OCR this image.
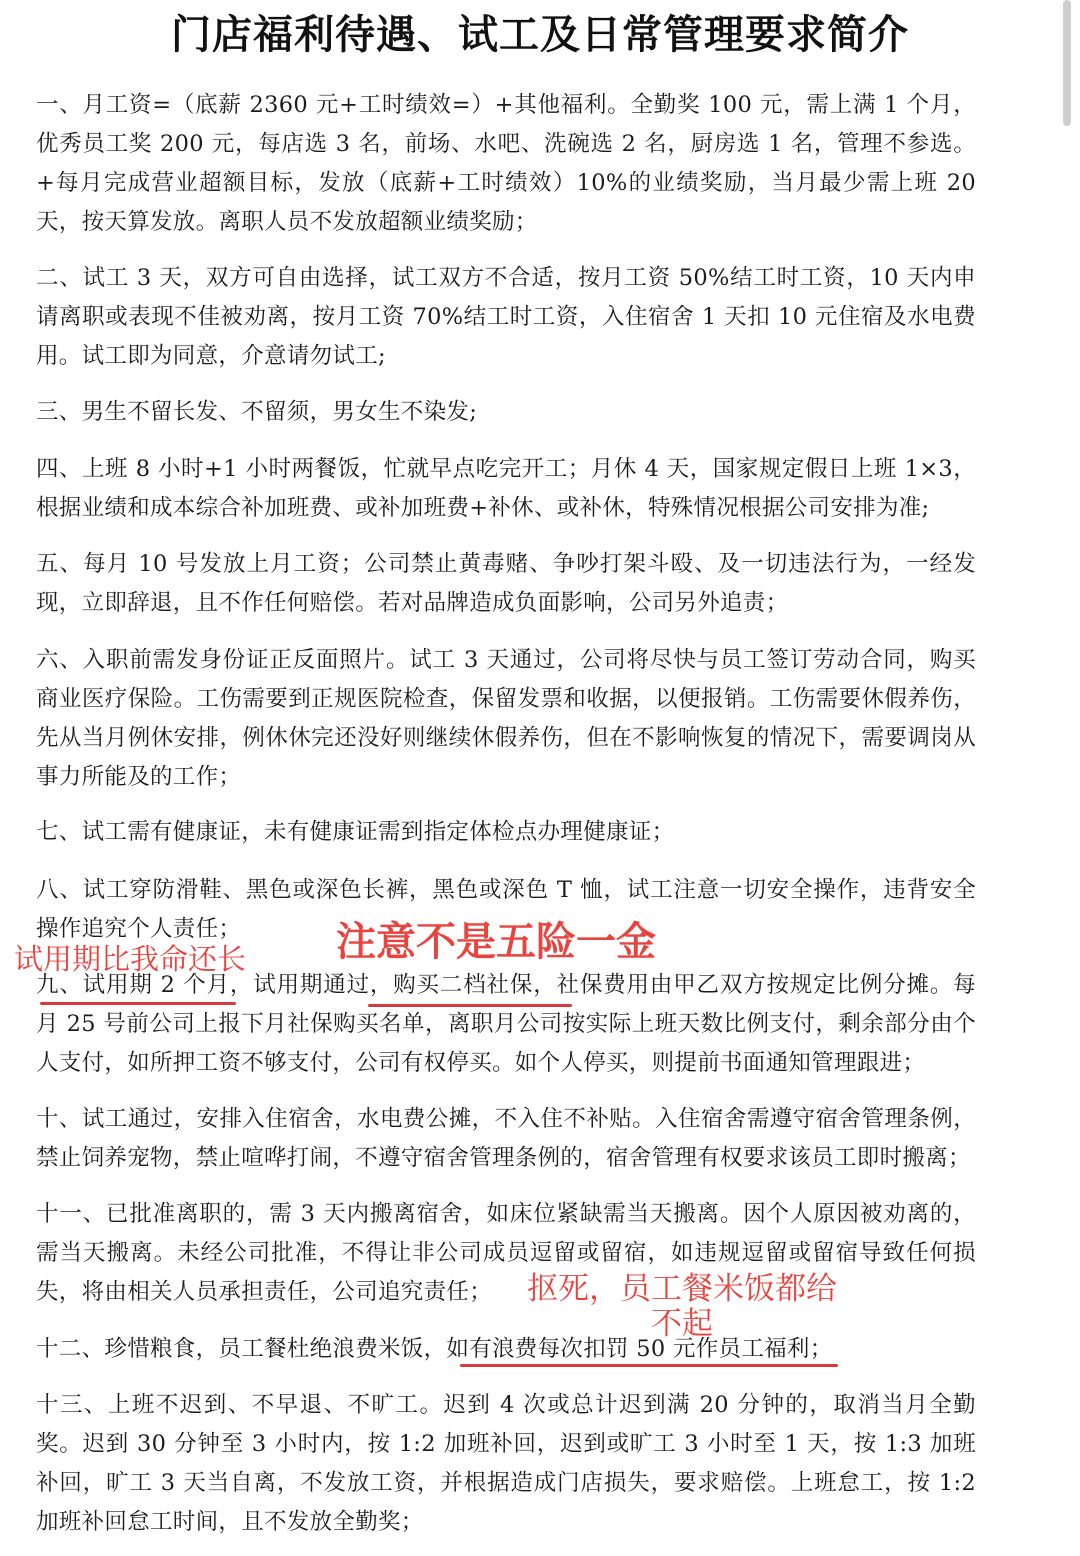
门店福利待遇、试工及日常管理要求简介

一、月工资=（底薪 2360 元+工时绩效=）+其他福利。全勤奖 100 元，需上满 1 个月，优秀员工奖 200 元，每店选 3 名，前场、水吧、洗碗选 2 名，厨房选 1 名，管理不参选。+每月完成营业超额目标，发放（底薪+工时绩效）10%的业绩奖励，当月最少需上班 20 天，按天算发放。离职人员不发放超额业绩奖励；

二、试工 3 天，双方可自由选择，试工双方不合适，按月工资 50%结工时工资，10 天内申请离职或表现不佳被劝离，按月工资 70%结工时工资，入住宿舍 1 天扣 10 元住宿及水电费用。试工即为同意，介意请勿试工;

三、男生不留长发、不留须，男女生不染发;

四、上班 8 小时+1 小时两餐饭，忙就早点吃完开工；月休 4 天，国家规定假日上班 1×3，根据业绩和成本综合补加班费、或补加班费+补休、或补休，特殊情况根据公司安排为准;

五、每月 10 号发放上月工资；公司禁止黄毒赌、争吵打架斗殴、及一切违法行为，一经发现，立即辞退，且不作任何赔偿。若对品牌造成负面影响，公司另外追责；

六、入职前需发身份证正反面照片。试工 3 天通过，公司将尽快与员工签订劳动合同，购买商业医疗保险。工伤需要到正规医院检查，保留发票和收据，以便报销。工伤需要休假养伤，先从当月例休安排，例休休完还没好则继续休假养伤，但在不影响恢复的情况下，需要调岗从事力所能及的工作；

七、试工需有健康证，未有健康证需到指定体检点办理健康证；

八、试工穿防滑鞋、黑色或深色长裤，黑色或深色 T 恤，试工注意一切安全操作，违背安全操作追究个人责任；

九、试用期 2 个月，试用期通过，购买二档社保，社保费用由甲乙双方按规定比例分摊。每月 25 号前公司上报下月社保购买名单，离职月公司按实际上班天数比例支付，剩余部分由个人支付，如所押工资不够支付，公司有权停买。如个人停买，则提前书面通知管理跟进；

十、试工通过，安排入住宿舍，水电费公摊，不入住不补贴。入住宿舍需遵守宿舍管理条例，禁止饲养宠物，禁止喧哗打闹，不遵守宿舍管理条例的，宿舍管理有权要求该员工即时搬离；

十一、已批准离职的，需 3 天内搬离宿舍，如床位紧缺需当天搬离。因个人原因被劝离的，需当天搬离。未经公司批准，不得让非公司成员逗留或留宿，如违规逗留或留宿导致任何损失，将由相关人员承担责任，公司追究责任；

十二、珍惜粮食，员工餐杜绝浪费米饭，如有浪费每次扣罚 50 元作员工福利；

十三、上班不迟到、不早退、不旷工。迟到 4 次或总计迟到满 20 分钟的，取消当月全勤奖。迟到 30 分钟至 3 小时内，按 1:2 加班补回，迟到或旷工 3 小时至 1 天，按 1:3 加班补回，旷工 3 天当自离，不发放工资，并根据造成门店损失，要求赔偿。上班怠工，按 1:2 加班补回怠工时间，且不发放全勤奖；

试用期比我命还长 注意不是五险一金
抠死，员工餐米饭都给不起
